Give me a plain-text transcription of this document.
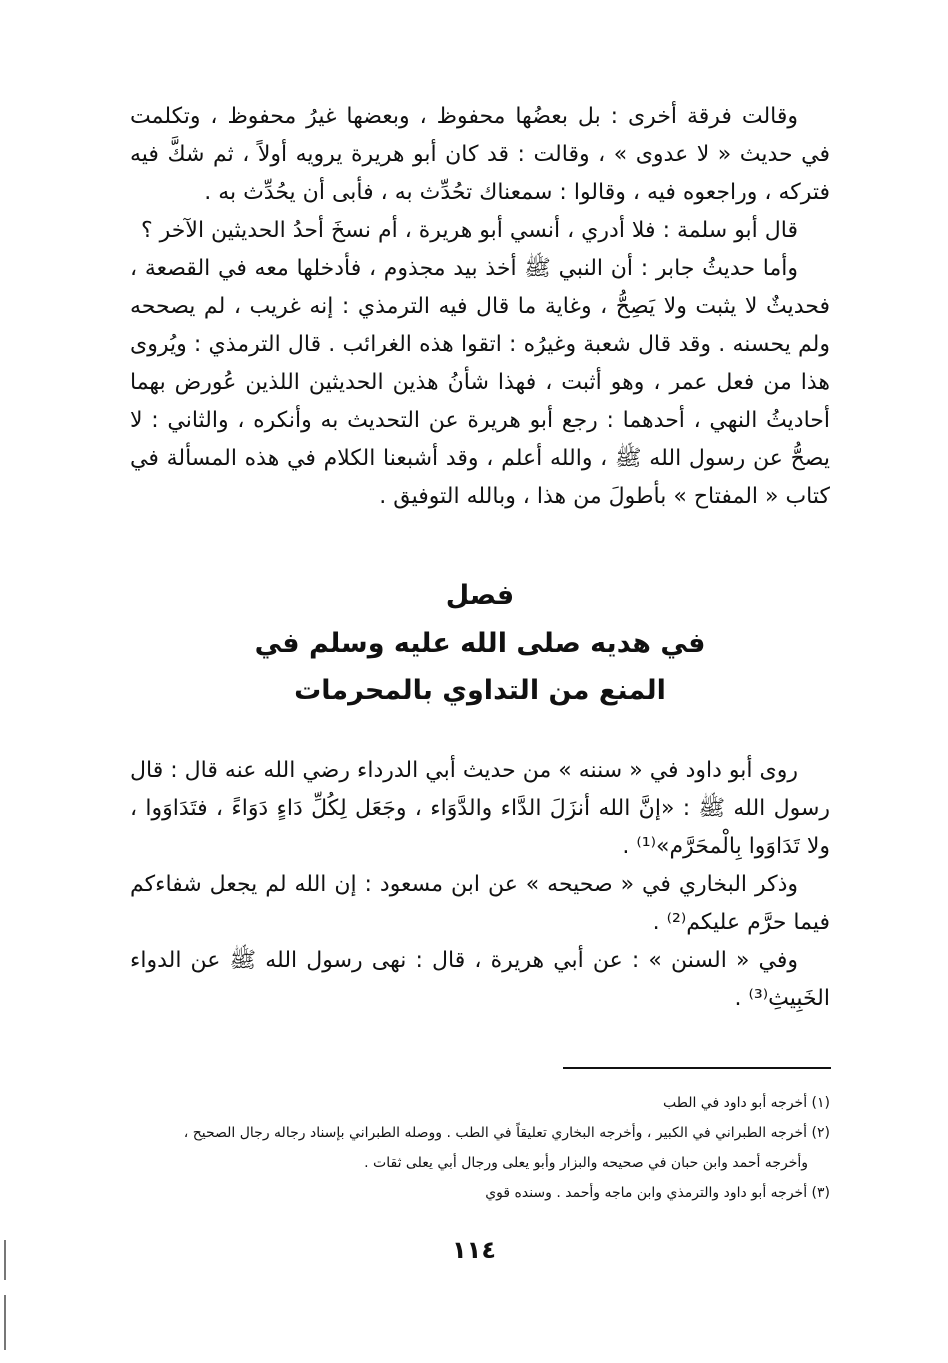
وقالت فرقة أخرى : بل بعضُها محفوظ ، وبعضها غيرُ محفوظ ، وتكلمت في حديث « لا عدوى » ، وقالت : قد كان أبو هريرة يرويه أولاً ، ثم شكَّ فيه فتركه ، وراجعوه فيه ، وقالوا : سمعناك تحُدِّث به ، فأبى أن يحُدِّث به .

قال أبو سلمة : فلا أدري ، أنسي أبو هريرة ، أم نسخَ أحدُ الحديثين الآخر ؟

وأما حديثُ جابر : أن النبي ﷺ أخذ بيد مجذوم ، فأدخلها معه في القصعة ، فحديثٌ لا يثبت ولا يَصِحُّ ، وغاية ما قال فيه الترمذي : إنه غريب ، لم يصححه ولم يحسنه . وقد قال شعبة وغيرُه : اتقوا هذه الغرائب . قال الترمذي : ويُروى هذا من فعل عمر ، وهو أثبت ، فهذا شأنُ هذين الحديثين اللذين عُورض بهما أحاديثُ النهي ، أحدهما : رجع أبو هريرة عن التحديث به وأنكره ، والثاني : لا يصحُّ عن رسول الله ﷺ ، والله أعلم ، وقد أشبعنا الكلام في هذه المسألة في كتاب « المفتاح » بأطولَ من هذا ، وبالله التوفيق .

فصل
في هديه صلى الله عليه وسلم في
المنع من التداوي بالمحرمات

روى أبو داود في « سننه » من حديث أبي الدرداء رضي الله عنه قال : قال رسول الله ﷺ : «إنَّ الله أنزَلَ الدَّاء والدَّوَاء ، وجَعَل لِكُلِّ دَاءٍ دَوَاءً ، فتَدَاوَوا ، ولا تَدَاوَوا بِالْمحَرَّم»⁽¹⁾ .

وذكر البخاري في « صحيحه » عن ابن مسعود : إن الله لم يجعل شفاءكم فيما حرَّم عليكم⁽²⁾ .

وفي « السنن » : عن أبي هريرة ، قال : نهى رسول الله ﷺ عن الدواء الخَبِيثِ⁽³⁾ .

(١) أخرجه أبو داود في الطب
(٢) أخرجه الطبراني في الكبير ، وأخرجه البخاري تعليقاً في الطب . ووصله الطبراني بإسناد رجاله رجال الصحيح ،
وأخرجه أحمد وابن حبان في صحيحه والبزار وأبو يعلى ورجال أبي يعلى ثقات .
(٣) أخرجه أبو داود والترمذي وابن ماجه وأحمد . وسنده قوي
١١٤
